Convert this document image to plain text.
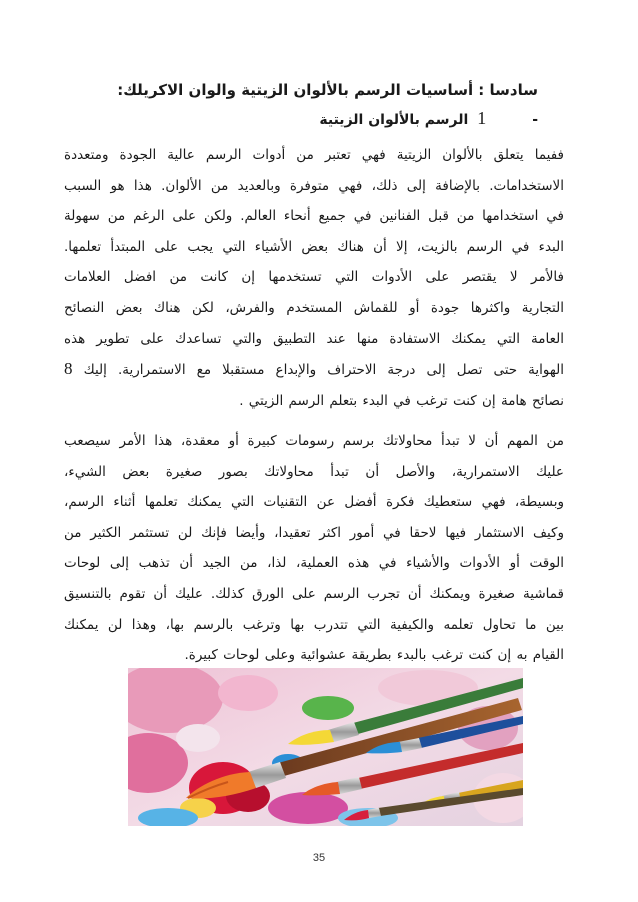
سادسا : أساسيات الرسم بالألوان الزيتية والوان الاكريلك:
-1 الرسم بالألوان الزيتية
ففيما يتعلق بالألوان الزيتية فهي تعتبر من أدوات الرسم عالية الجودة ومتعددة
الاستخدامات. بالإضافة إلى ذلك، فهي متوفرة وبالعديد من الألوان. هذا هو السبب
في استخدامها من قبل الفنانين في جميع أنحاء العالم. ولكن على الرغم من سهولة
البدء في الرسم بالزيت، إلا أن هناك بعض الأشياء التي يجب على المبتدأ تعلمها.
فالأمر لا يقتصر على الأدوات التي تستخدمها إن كانت من افضل العلامات
التجارية واكثرها جودة أو للقماش المستخدم والفرش، لكن هناك بعض النصائح
العامة التي يمكنك الاستفادة منها عند التطبيق والتي تساعدك على تطوير هذه
الهواية حتى تصل إلى درجة الاحتراف والإبداع مستقبلا مع الاستمرارية. إليك 8
نصائح هامة إن كنت ترغب في البدء بتعلم الرسم الزيتي .
من المهم أن لا تبدأ محاولاتك برسم رسومات كبيرة أو معقدة، هذا الأمر سيصعب
عليك الاستمرارية، والأصل أن تبدأ محاولاتك بصور صغيرة بعض الشيء،
وبسيطة، فهي ستعطيك فكرة أفضل عن التقنيات التي يمكنك تعلمها أثناء الرسم،
وكيف الاستثمار فيها لاحقا في أمور اكثر تعقيدا، وأيضا فإنك لن تستثمر الكثير من
الوقت أو الأدوات والأشياء في هذه العملية، لذا، من الجيد أن تذهب إلى لوحات
قماشية صغيرة ويمكنك أن تجرب الرسم على الورق كذلك. عليك أن تقوم بالتنسيق
بين ما تحاول تعلمه والكيفية التي تتدرب بها وترغب بالرسم بها، وهذا لن يمكنك
القيام به إن كنت ترغب بالبدء بطريقة عشوائية وعلى لوحات كبيرة.
35
